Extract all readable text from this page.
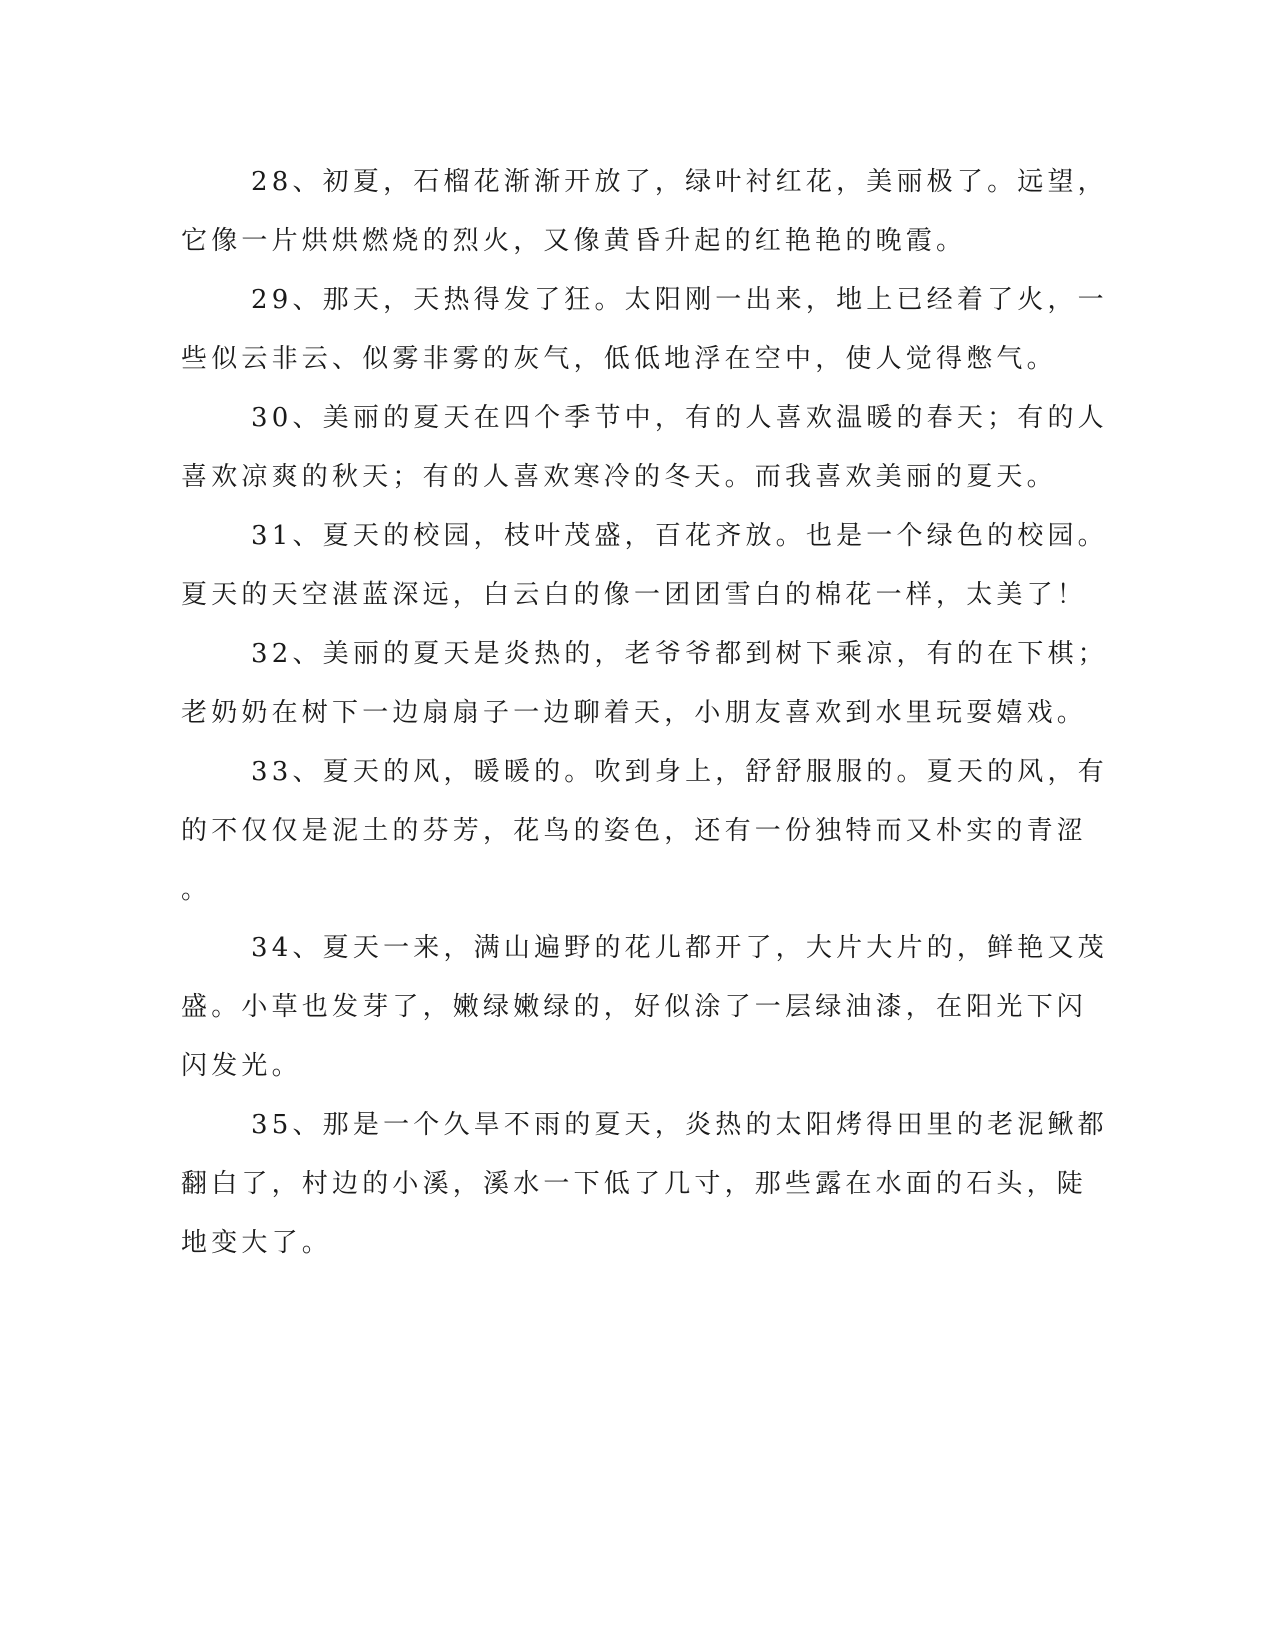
28、初夏，石榴花渐渐开放了，绿叶衬红花，美丽极了。远望，
它像一片烘烘燃烧的烈火，又像黄昏升起的红艳艳的晚霞。
29、那天，天热得发了狂。太阳刚一出来，地上已经着了火，一
些似云非云、似雾非雾的灰气，低低地浮在空中，使人觉得憋气。
30、美丽的夏天在四个季节中，有的人喜欢温暖的春天；有的人
喜欢凉爽的秋天；有的人喜欢寒冷的冬天。而我喜欢美丽的夏天。
31、夏天的校园，枝叶茂盛，百花齐放。也是一个绿色的校园。
夏天的天空湛蓝深远，白云白的像一团团雪白的棉花一样，太美了！
32、美丽的夏天是炎热的，老爷爷都到树下乘凉，有的在下棋；
老奶奶在树下一边扇扇子一边聊着天，小朋友喜欢到水里玩耍嬉戏。
33、夏天的风，暖暖的。吹到身上，舒舒服服的。夏天的风，有
的不仅仅是泥土的芬芳，花鸟的姿色，还有一份独特而又朴实的青涩
。
34、夏天一来，满山遍野的花儿都开了，大片大片的，鲜艳又茂
盛。小草也发芽了，嫩绿嫩绿的，好似涂了一层绿油漆，在阳光下闪
闪发光。
35、那是一个久旱不雨的夏天，炎热的太阳烤得田里的老泥鳅都
翻白了，村边的小溪，溪水一下低了几寸，那些露在水面的石头，陡
地变大了。
